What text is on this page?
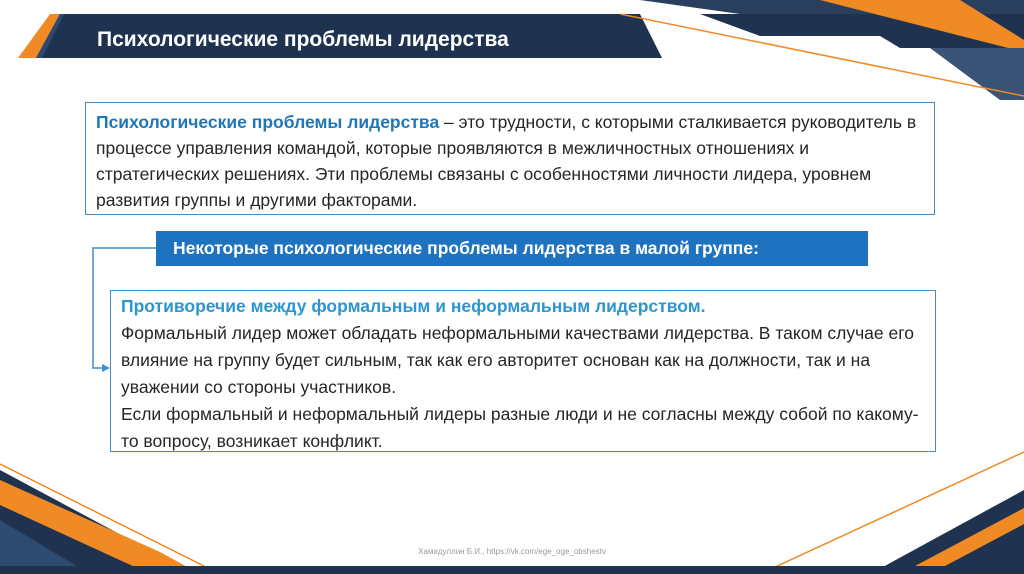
Психологические проблемы лидерства
Психологические проблемы лидерства – это трудности, с которыми сталкивается руководитель в процессе управления командой, которые проявляются в межличностных отношениях и стратегических решениях. Эти проблемы связаны с особенностями личности лидера, уровнем развития группы и другими факторами.
Некоторые психологические проблемы лидерства в малой группе:
Противоречие между формальным и неформальным лидерством.
Формальный лидер может обладать неформальными качествами лидерства. В таком случае его влияние на группу будет сильным, так как его авторитет основан как на должности, так и на уважении со стороны участников.
Если формальный и неформальный лидеры разные люди и не согласны между собой по какому-то вопросу, возникает конфликт.
Хамидуллин Б.И., https://vk.com/ege_oge_obshestv
